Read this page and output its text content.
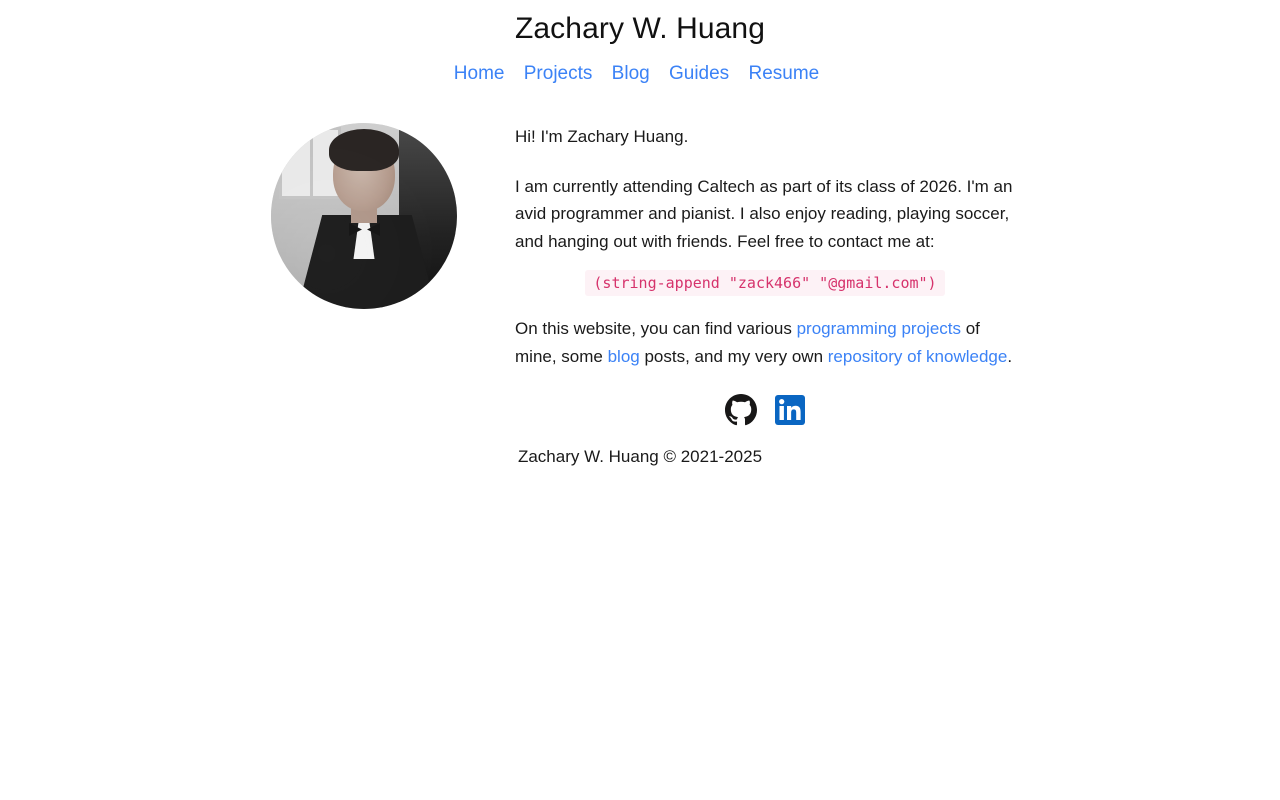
Zachary W. Huang
Home Projects Blog Guides Resume

Hi! I'm Zachary Huang.

I am currently attending Caltech as part of its class of 2026. I'm an avid programmer and pianist. I also enjoy reading, playing soccer, and hanging out with friends. Feel free to contact me at:

(string-append "zack466" "@gmail.com")

On this website, you can find various programming projects of mine, some blog posts, and my very own repository of knowledge.

Zachary W. Huang © 2021-2025
